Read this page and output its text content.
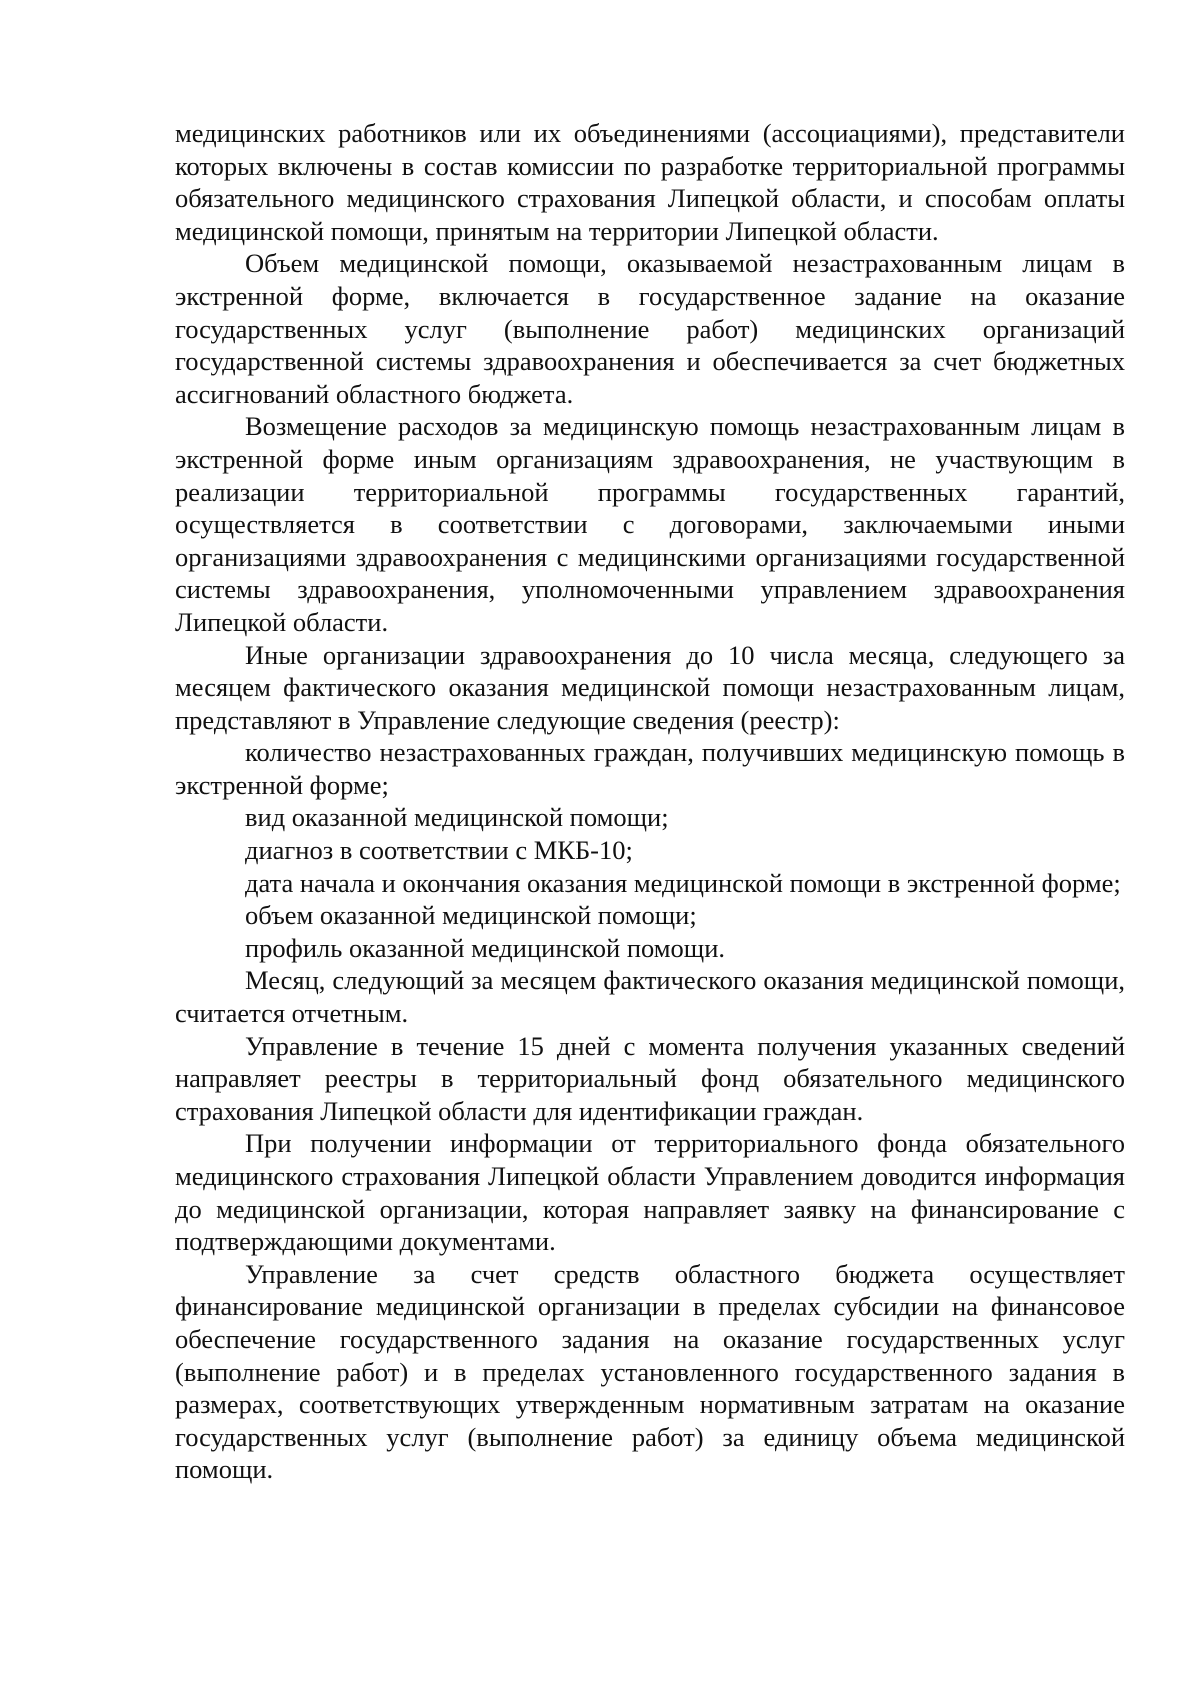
медицинских работников или их объединениями (ассоциациями), представители которых включены в состав комиссии по разработке территориальной программы обязательного медицинского страхования Липецкой области, и способам оплаты медицинской помощи, принятым на территории Липецкой области.

Объем медицинской помощи, оказываемой незастрахованным лицам в экстренной форме, включается в государственное задание на оказание государственных услуг (выполнение работ) медицинских организаций государственной системы здравоохранения и обеспечивается за счет бюджетных ассигнований областного бюджета.

Возмещение расходов за медицинскую помощь незастрахованным лицам в экстренной форме иным организациям здравоохранения, не участвующим в реализации территориальной программы государственных гарантий, осуществляется в соответствии с договорами, заключаемыми иными организациями здравоохранения с медицинскими организациями государственной системы здравоохранения, уполномоченными управлением здравоохранения Липецкой области.

Иные организации здравоохранения до 10 числа месяца, следующего за месяцем фактического оказания медицинской помощи незастрахованным лицам, представляют в Управление следующие сведения (реестр):

количество незастрахованных граждан, получивших медицинскую помощь в экстренной форме;

вид оказанной медицинской помощи;

диагноз в соответствии с МКБ-10;

дата начала и окончания оказания медицинской помощи в экстренной форме;

объем оказанной медицинской помощи;

профиль оказанной медицинской помощи.

Месяц, следующий за месяцем фактического оказания медицинской помощи, считается отчетным.

Управление в течение 15 дней с момента получения указанных сведений направляет реестры в территориальный фонд обязательного медицинского страхования Липецкой области для идентификации граждан.

При получении информации от территориального фонда обязательного медицинского страхования Липецкой области Управлением доводится информация до медицинской организации, которая направляет заявку на финансирование с подтверждающими документами.

Управление за счет средств областного бюджета осуществляет финансирование медицинской организации в пределах субсидии на финансовое обеспечение государственного задания на оказание государственных услуг (выполнение работ) и в пределах установленного государственного задания в размерах, соответствующих утвержденным нормативным затратам на оказание государственных услуг (выполнение работ) за единицу объема медицинской помощи.
